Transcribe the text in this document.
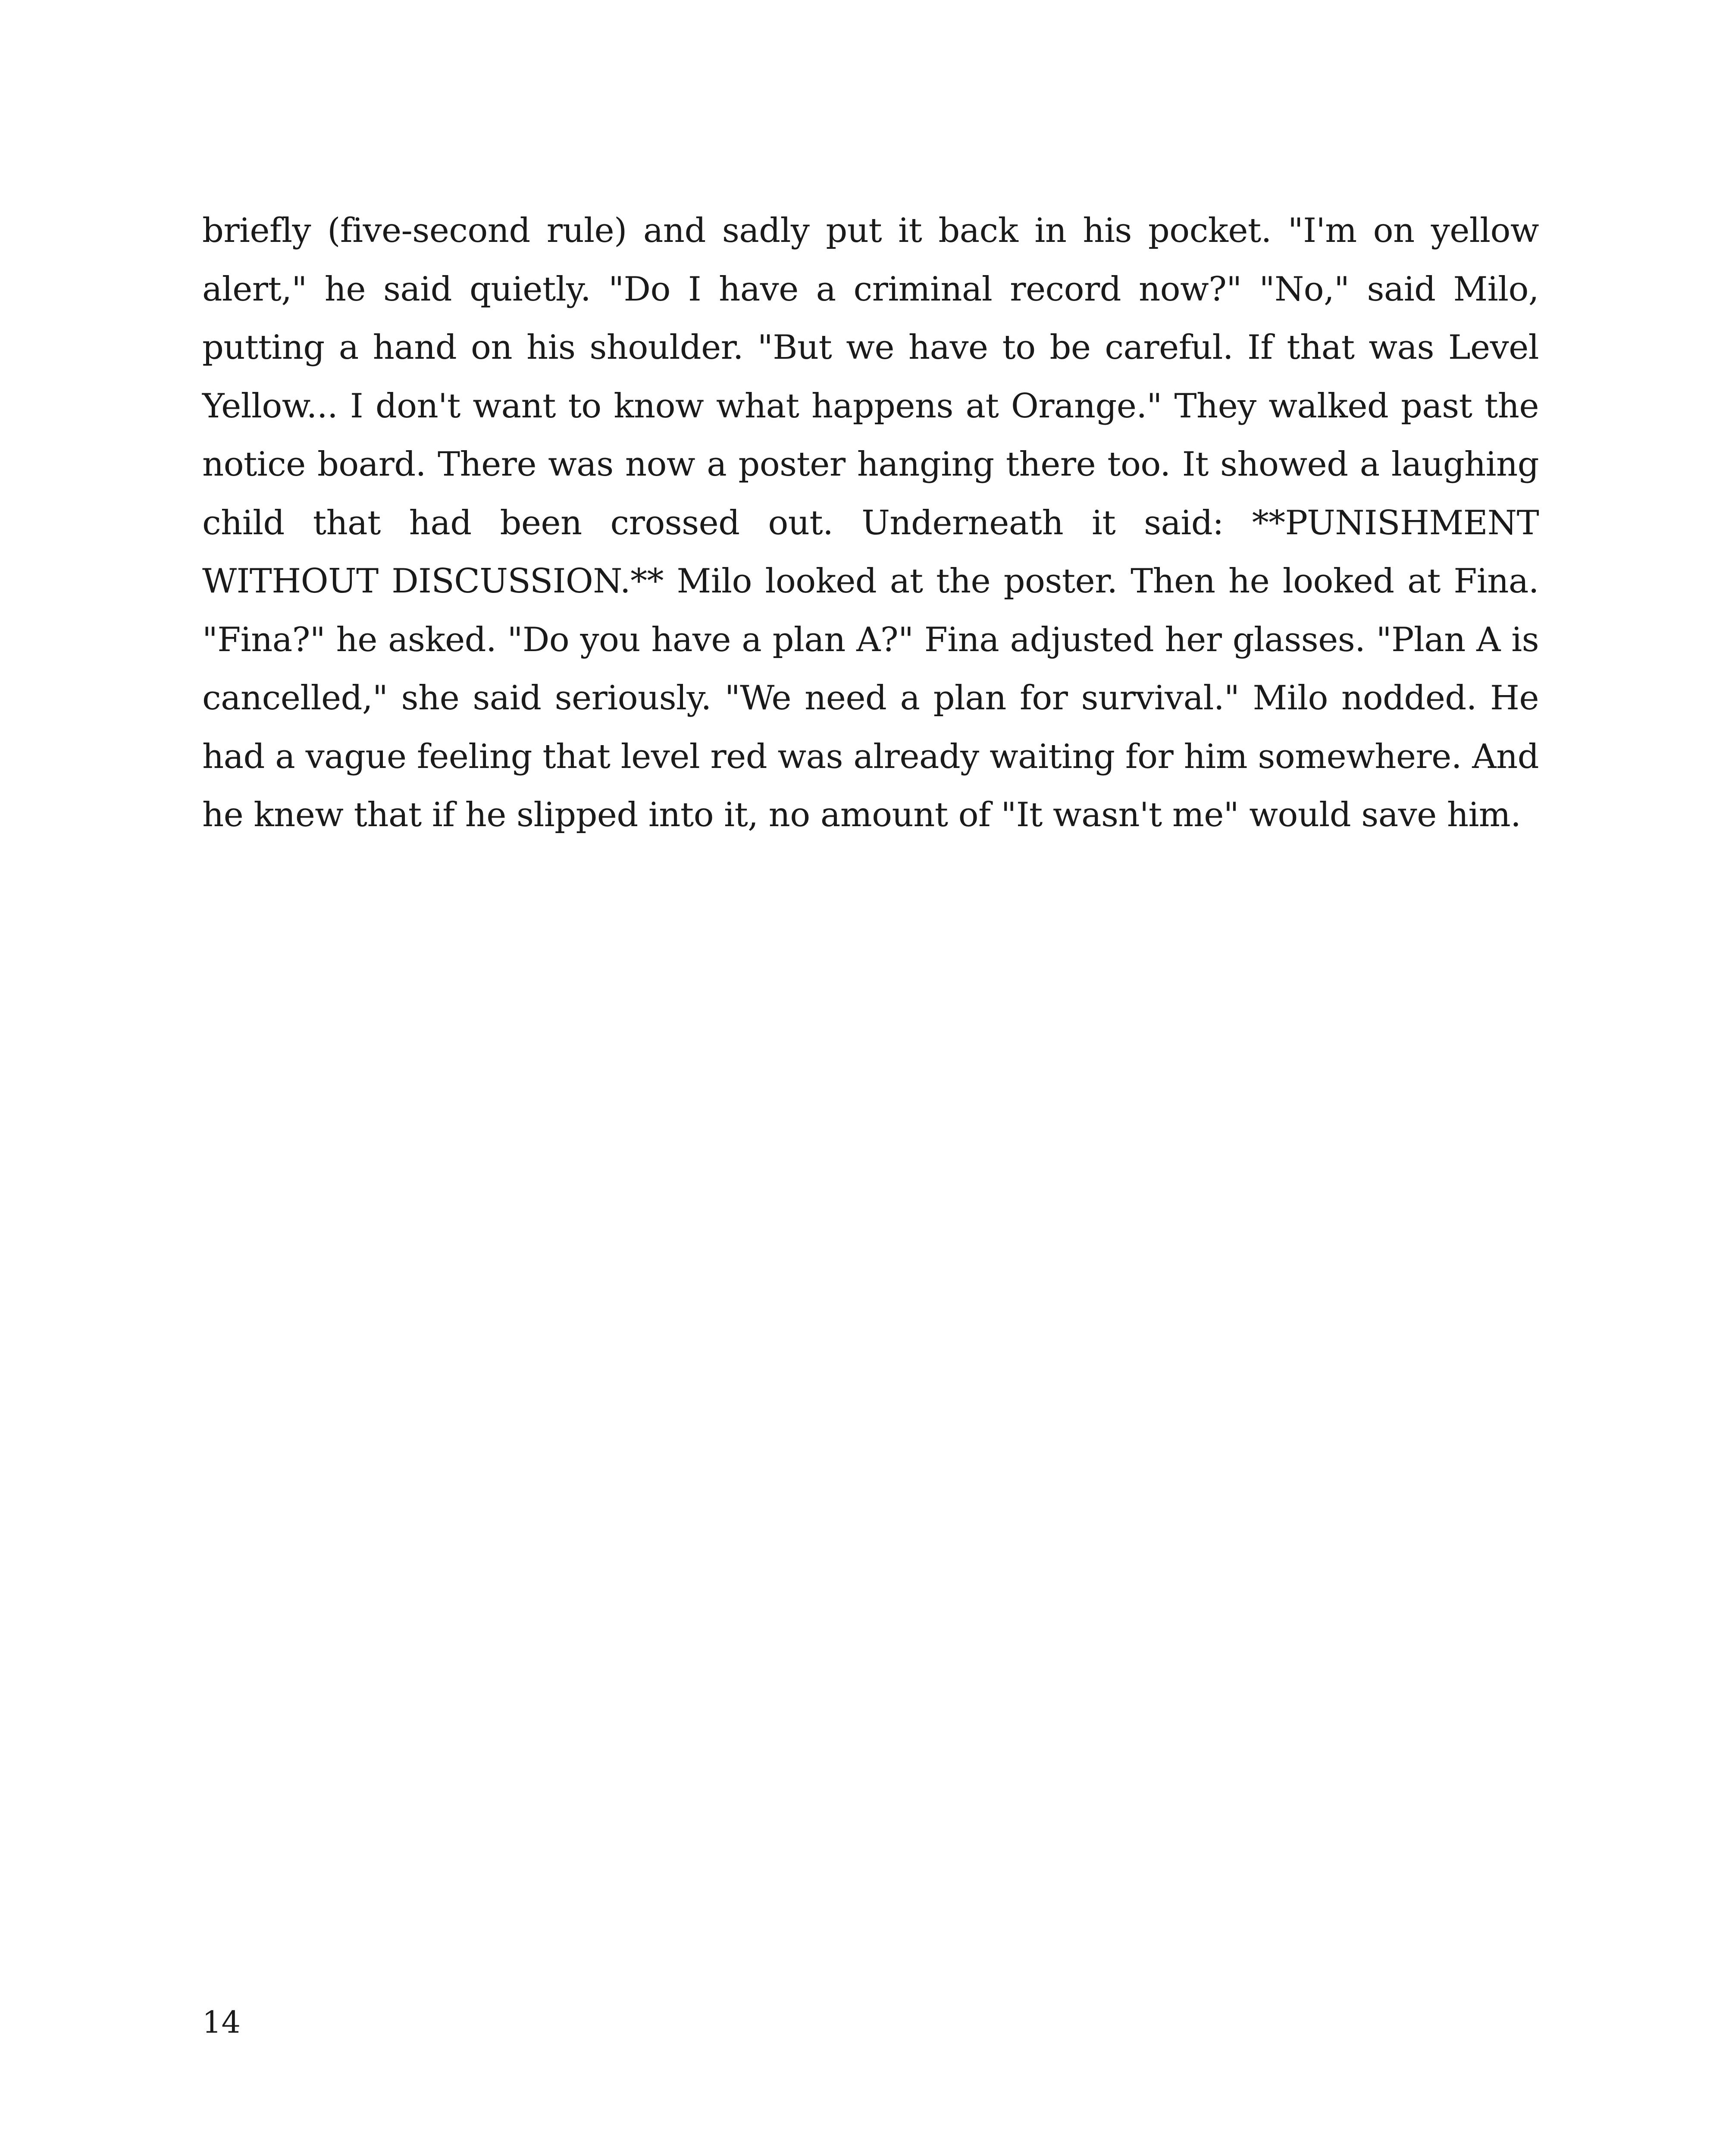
briefly (five-second rule) and sadly put it back in his pocket. "I'm on yellow alert," he said quietly. "Do I have a criminal record now?" "No," said Milo, putting a hand on his shoulder. "But we have to be careful. If that was Level Yellow... I don't want to know what happens at Orange." They walked past the notice board. There was now a poster hanging there too. It showed a laughing child that had been crossed out. Underneath it said: **PUNISHMENT WITHOUT DISCUSSION.** Milo looked at the poster. Then he looked at Fina. "Fina?" he asked. "Do you have a plan A?" Fina adjusted her glasses. "Plan A is cancelled," she said seriously. "We need a plan for survival." Milo nodded. He had a vague feeling that level red was already waiting for him somewhere. And he knew that if he slipped into it, no amount of "It wasn't me" would save him.

14
